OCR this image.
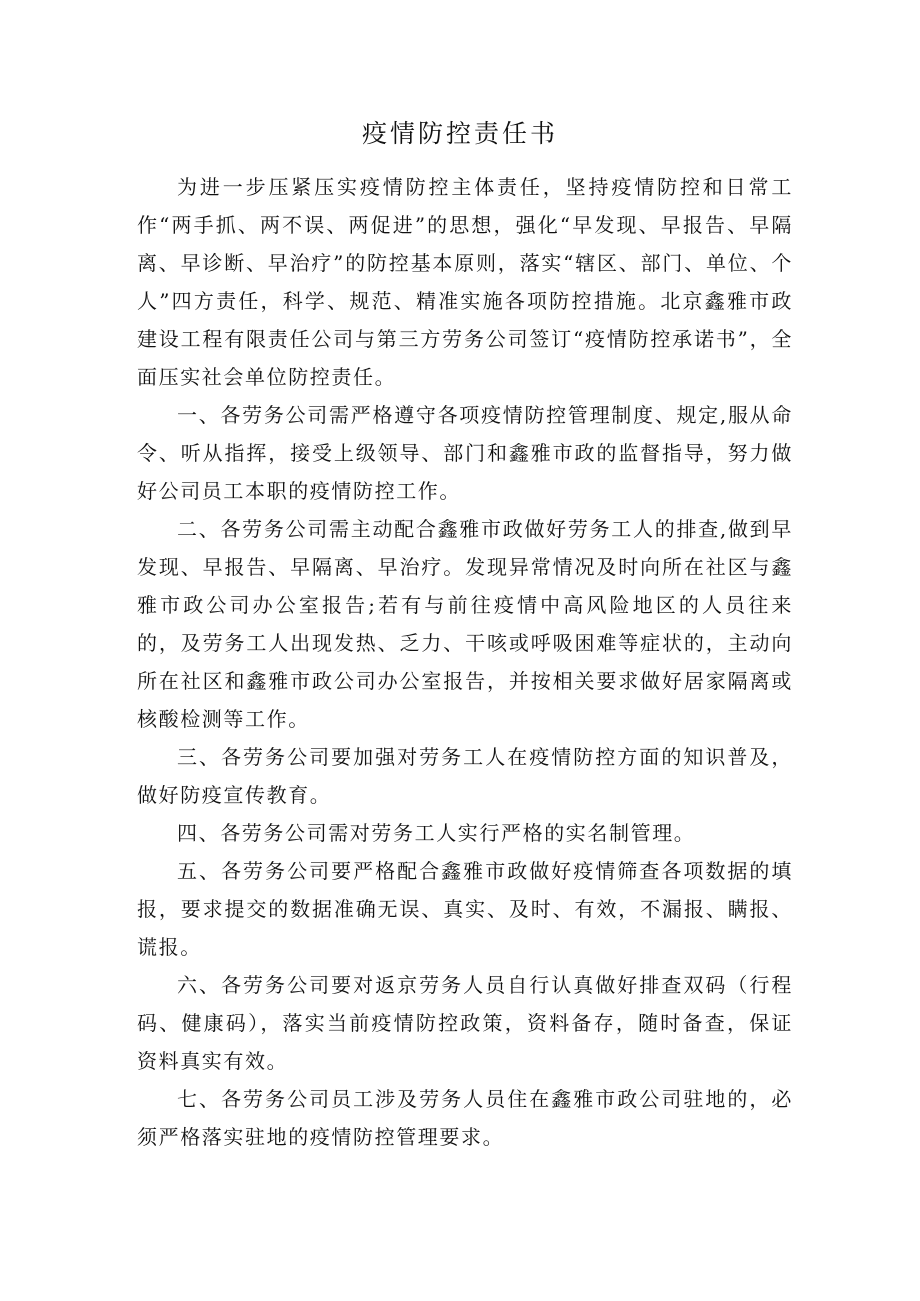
疫情防控责任书

为进一步压紧压实疫情防控主体责任，坚持疫情防控和日常工作“两手抓、两不误、两促进”的思想，强化“早发现、早报告、早隔离、早诊断、早治疗”的防控基本原则，落实“辖区、部门、单位、个人”四方责任，科学、规范、精准实施各项防控措施。北京鑫雅市政建设工程有限责任公司与第三方劳务公司签订“疫情防控承诺书”，全面压实社会单位防控责任。

一、各劳务公司需严格遵守各项疫情防控管理制度、规定,服从命令、听从指挥，接受上级领导、部门和鑫雅市政的监督指导，努力做好公司员工本职的疫情防控工作。

二、各劳务公司需主动配合鑫雅市政做好劳务工人的排查,做到早发现、早报告、早隔离、早治疗。发现异常情况及时向所在社区与鑫雅市政公司办公室报告;若有与前往疫情中高风险地区的人员往来的，及劳务工人出现发热、乏力、干咳或呼吸困难等症状的，主动向所在社区和鑫雅市政公司办公室报告，并按相关要求做好居家隔离或核酸检测等工作。

三、各劳务公司要加强对劳务工人在疫情防控方面的知识普及，做好防疫宣传教育。

四、各劳务公司需对劳务工人实行严格的实名制管理。

五、各劳务公司要严格配合鑫雅市政做好疫情筛查各项数据的填报，要求提交的数据准确无误、真实、及时、有效，不漏报、瞒报、谎报。

六、各劳务公司要对返京劳务人员自行认真做好排查双码（行程码、健康码），落实当前疫情防控政策，资料备存，随时备查，保证资料真实有效。

七、各劳务公司员工涉及劳务人员住在鑫雅市政公司驻地的，必须严格落实驻地的疫情防控管理要求。
